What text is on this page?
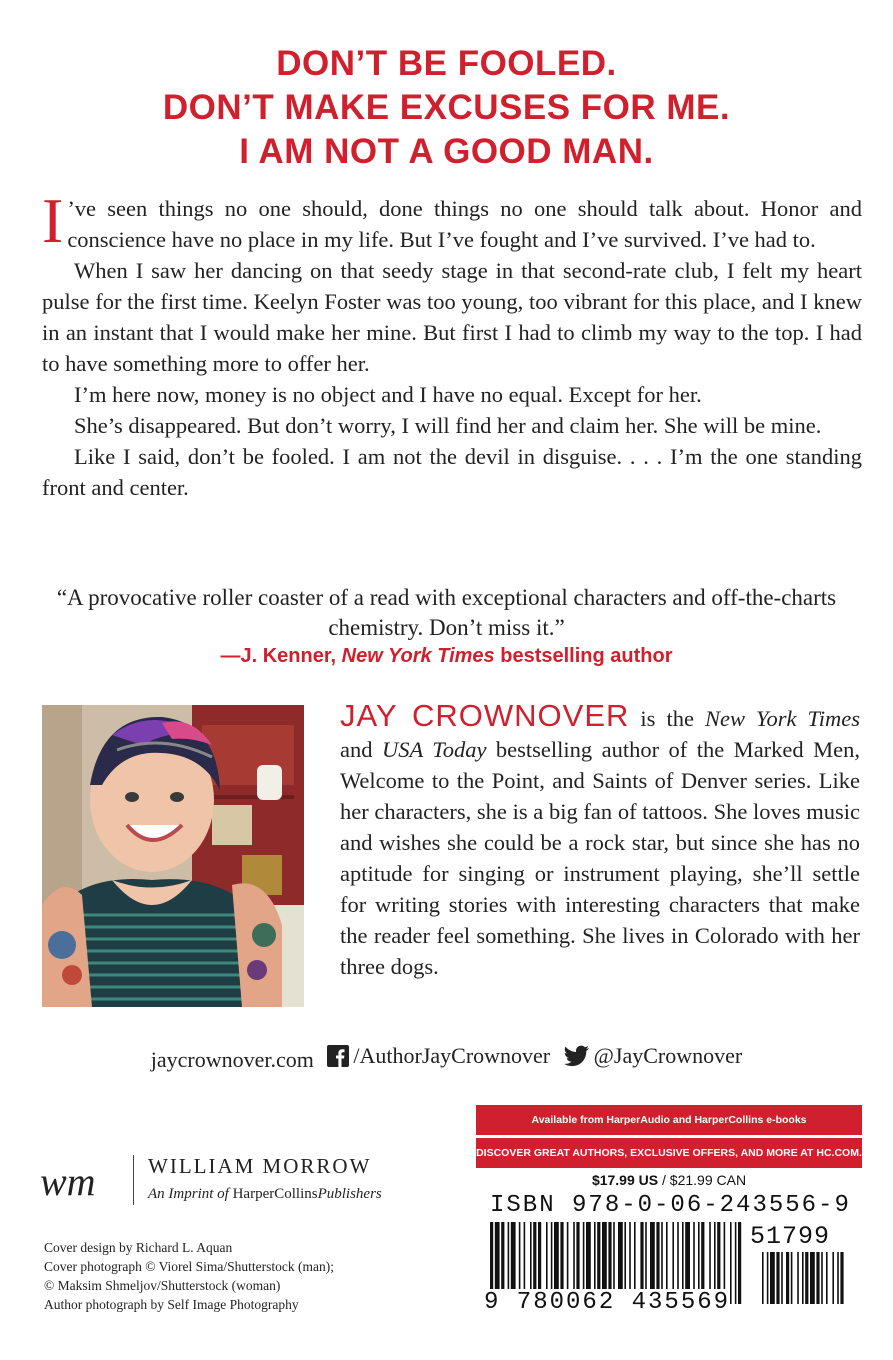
DON’T BE FOOLED.
DON’T MAKE EXCUSES FOR ME.
I AM NOT A GOOD MAN.

I ’ve seen things no one should, done things no one should talk about. Honor and conscience have no place in my life. But I’ve fought and I’ve survived. I’ve had to.

When I saw her dancing on that seedy stage in that second-rate club, I felt my heart pulse for the first time. Keelyn Foster was too young, too vibrant for this place, and I knew in an instant that I would make her mine. But first I had to climb my way to the top. I had to have something more to offer her.

I’m here now, money is no object and I have no equal. Except for her.

She’s disappeared. But don’t worry, I will find her and claim her. She will be mine.

Like I said, don’t be fooled. I am not the devil in disguise. . . . I’m the one standing front and center.

“A provocative roller coaster of a read with exceptional characters and off-the-charts chemistry. Don’t miss it.”
—J. Kenner, New York Times bestselling author
JAY CROWNOVER is the New York Times and USA Today bestselling author of the Marked Men, Welcome to the Point, and Saints of Denver series. Like her characters, she is a big fan of tattoos. She loves music and wishes she could be a rock star, but since she has no aptitude for singing or instrument playing, she’ll settle for writing stories with interesting characters that make the reader feel something. She lives in Colorado with her three dogs.
jaycrownover.com /AuthorJayCrownover
@JayCrownover
wm WILLIAM MORROW
An Imprint of HarperCollinsPublishers
Cover design by Richard L. Aquan
Cover photograph © Viorel Sima/Shutterstock (man);
© Maksim Shmeljov/Shutterstock (woman)
Author photograph by Self Image Photography
Available from HarperAudio and HarperCollins e-books
DISCOVER GREAT AUTHORS, EXCLUSIVE OFFERS, AND MORE AT HC.COM.
$17.99 US / $21.99 CAN
ISBN 978-0-06-243556-9
51799
9 780062 435569
